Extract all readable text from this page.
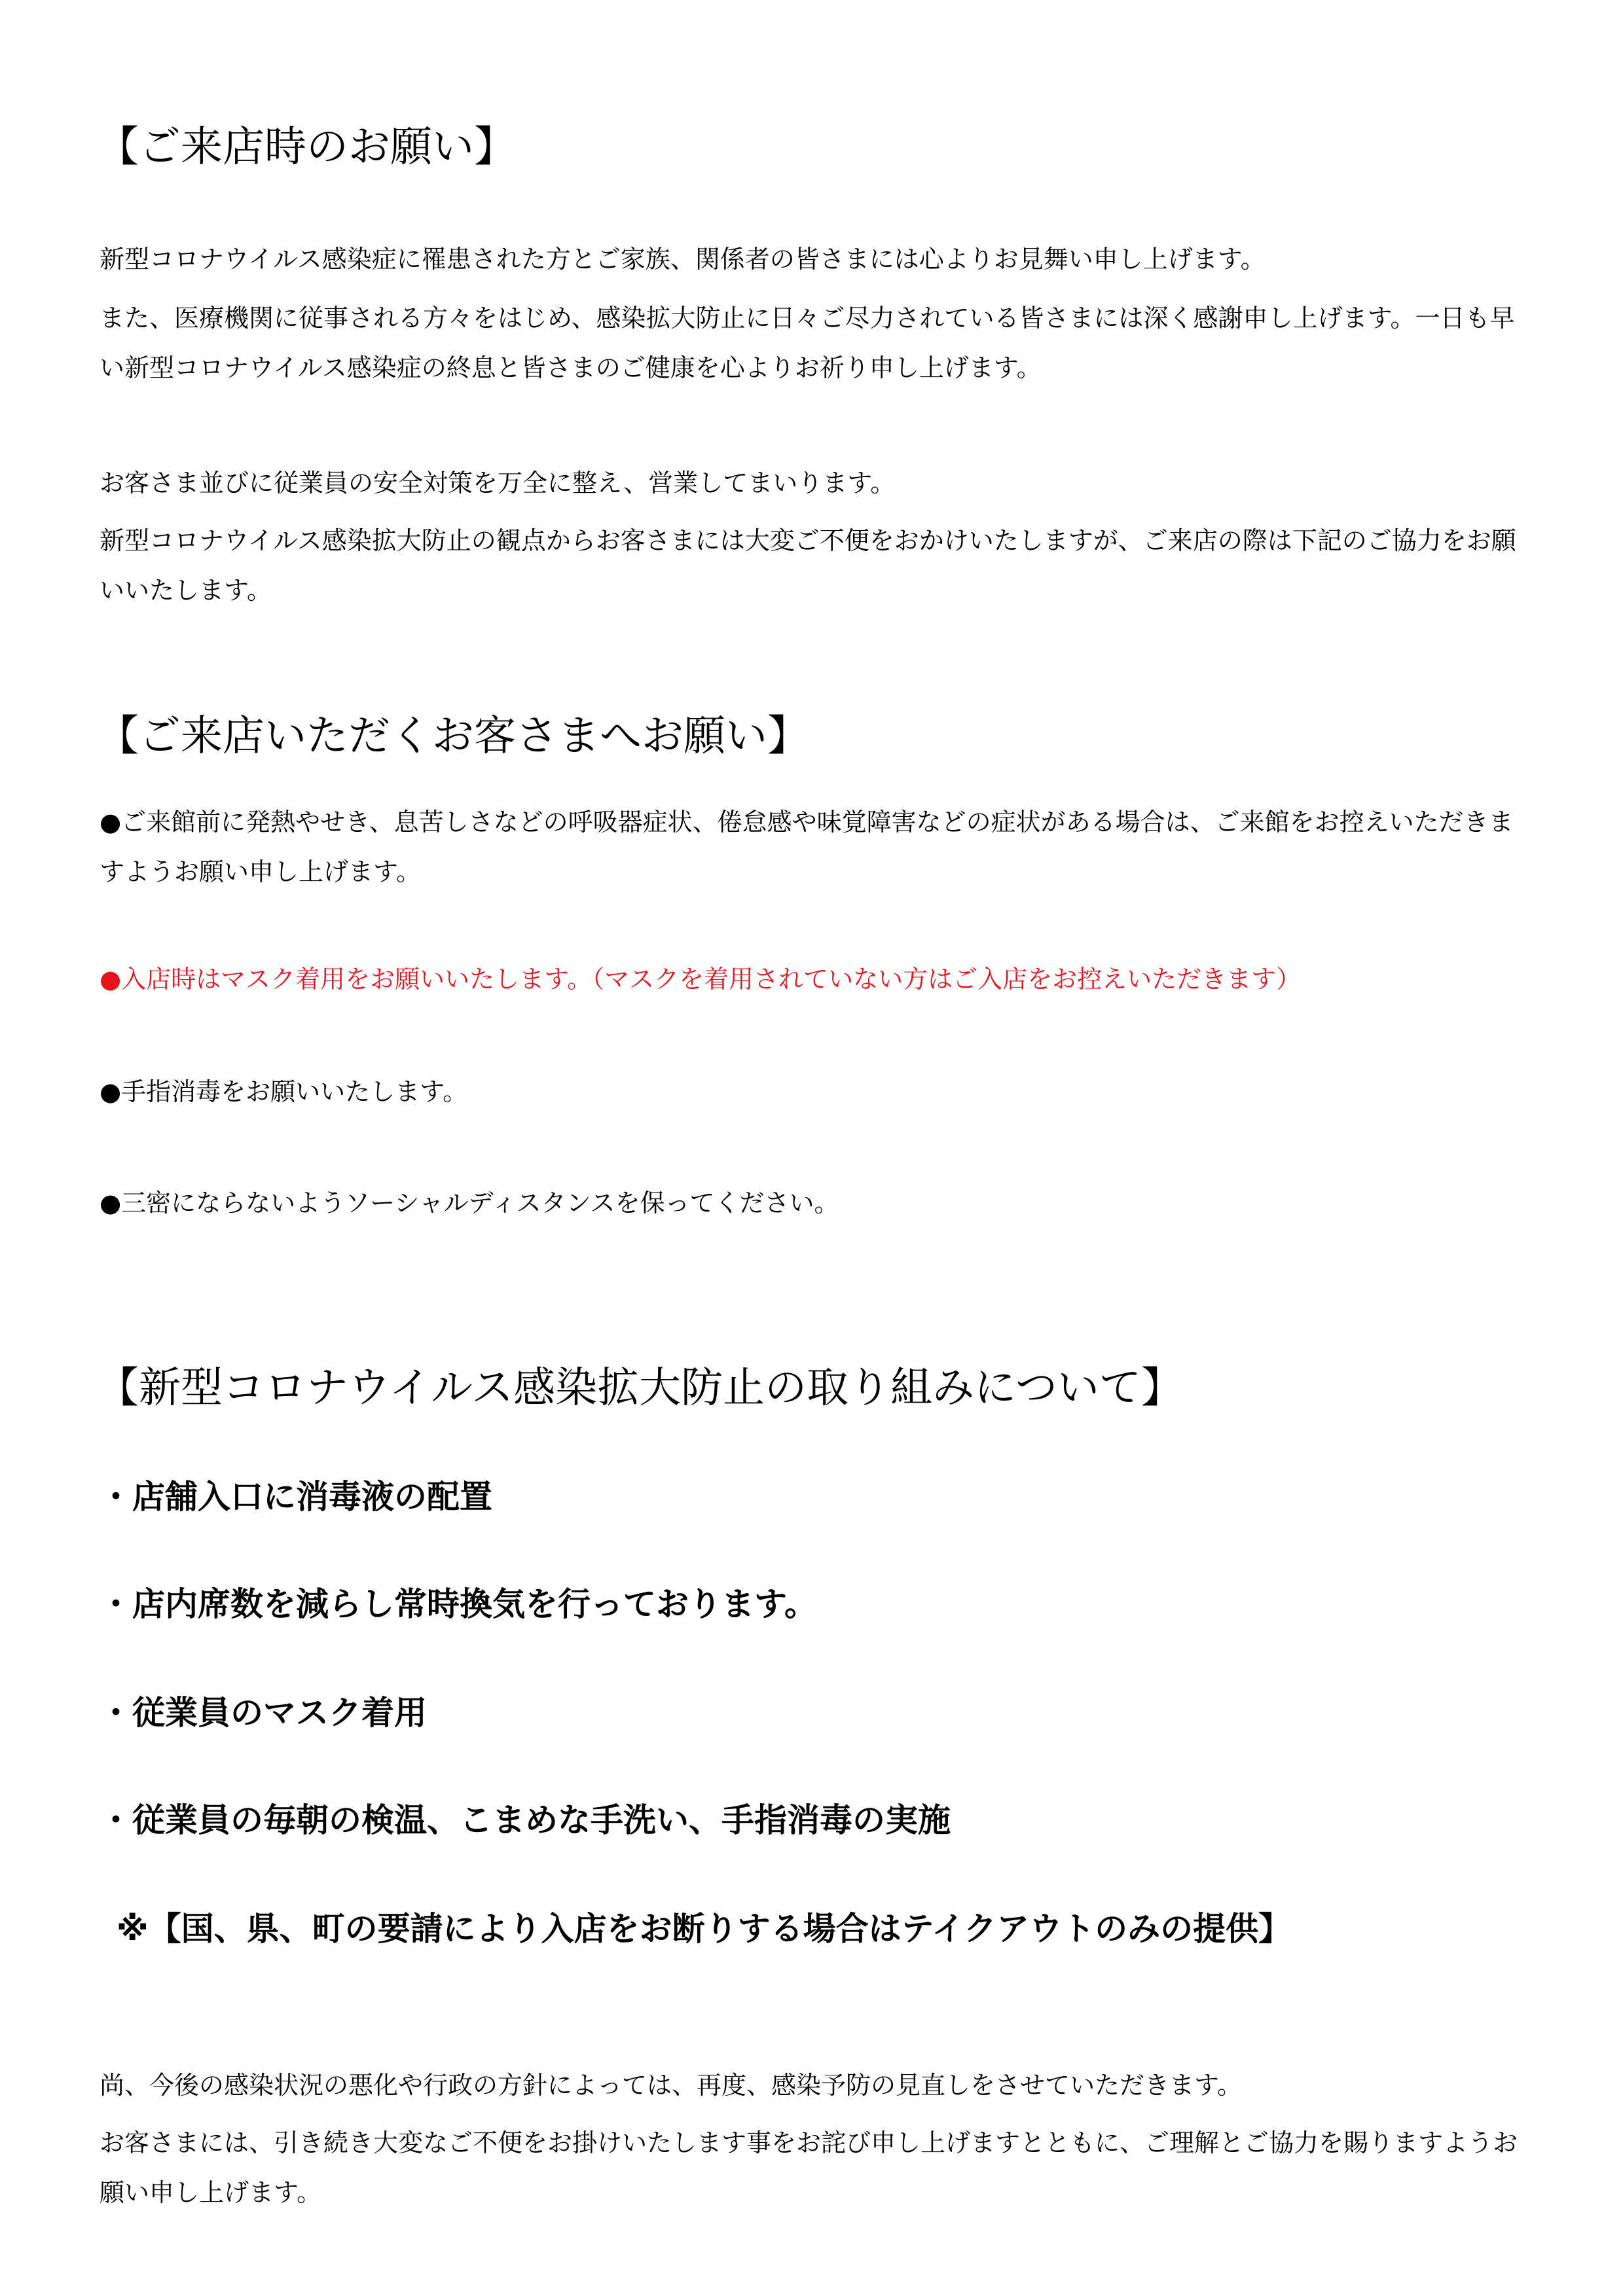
【ご来店時のお願い】

新型コロナウイルス感染症に罹患された方とご家族、関係者の皆さまには心よりお見舞い申し上げます。

また、医療機関に従事される方々をはじめ、感染拡大防止に日々ご尽力されている皆さまには深く感謝申し上げます。一日も早い新型コロナウイルス感染症の終息と皆さまのご健康を心よりお祈り申し上げます。

お客さま並びに従業員の安全対策を万全に整え、営業してまいります。

新型コロナウイルス感染拡大防止の観点からお客さまには大変ご不便をおかけいたしますが、ご来店の際は下記のご協力をお願いいたします。

【ご来店いただくお客さまへお願い】

●ご来館前に発熱やせき、息苦しさなどの呼吸器症状、倦怠感や味覚障害などの症状がある場合は、ご来館をお控えいただきますようお願い申し上げます。

●入店時はマスク着用をお願いいたします。（マスクを着用されていない方はご入店をお控えいただきます）

●手指消毒をお願いいたします。

●三密にならないようソーシャルディスタンスを保ってください。

【新型コロナウイルス感染拡大防止の取り組みについて】

・店舗入口に消毒液の配置

・店内席数を減らし常時換気を行っております。

・従業員のマスク着用

・従業員の毎朝の検温、こまめな手洗い、手指消毒の実施

※【国、県、町の要請により入店をお断りする場合はテイクアウトのみの提供】

尚、今後の感染状況の悪化や行政の方針によっては、再度、感染予防の見直しをさせていただきます。

お客さまには、引き続き大変なご不便をお掛けいたします事をお詫び申し上げますとともに、ご理解とご協力を賜りますようお願い申し上げます。
